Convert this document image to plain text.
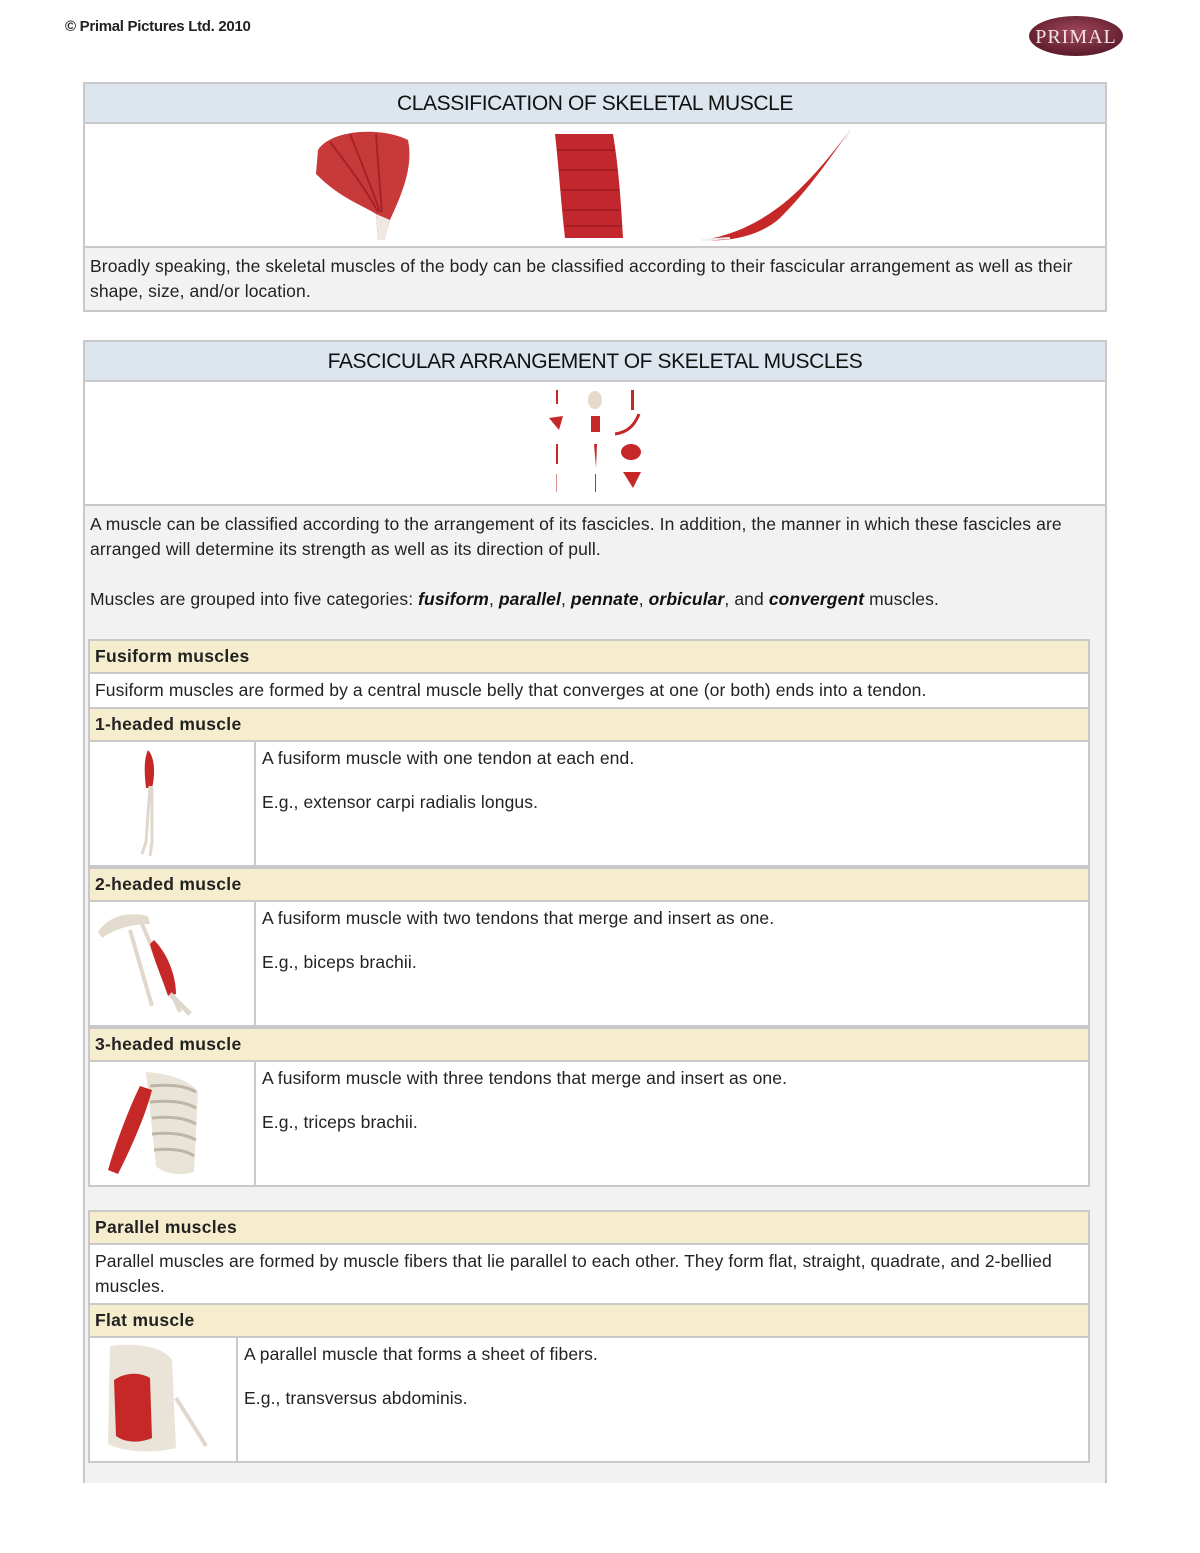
© Primal Pictures Ltd. 2010	PRIMAL
CLASSIFICATION OF SKELETAL MUSCLE
Broadly speaking, the skeletal muscles of the body can be classified according to their fascicular arrangement as well as their shape, size, and/or location.
FASCICULAR ARRANGEMENT OF SKELETAL MUSCLES

A muscle can be classified according to the arrangement of its fascicles. In addition, the manner in which these fascicles are arranged will determine its strength as well as its direction of pull.

Muscles are grouped into five categories: fusiform, parallel, pennate, orbicular, and convergent muscles.

Fusiform muscles
Fusiform muscles are formed by a central muscle belly that converges at one (or both) ends into a tendon.
1-headed muscle

A fusiform muscle with one tendon at each end.

E.g., extensor carpi radialis longus.

2-headed muscle

A fusiform muscle with two tendons that merge and insert as one.

E.g., biceps brachii.

3-headed muscle

A fusiform muscle with three tendons that merge and insert as one.

E.g., triceps brachii.

Parallel muscles
Parallel muscles are formed by muscle fibers that lie parallel to each other. They form flat, straight, quadrate, and 2-bellied muscles.
Flat muscle

A parallel muscle that forms a sheet of fibers.

E.g., transversus abdominis.
